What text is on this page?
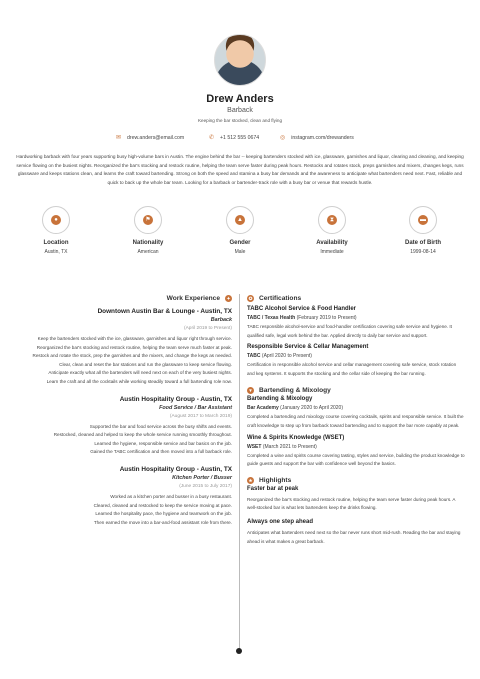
Drew Anders
Barback
Keeping the bar stocked, clean and flying
✉ drew.anders@email.com	✆ +1 512 555 0674	◎ instagram.com/drewanders
Hardworking barback with four years supporting busy high-volume bars in Austin. The engine behind the bar -- keeping bartenders stocked with ice, glassware, garnishes and liquor, clearing and cleaning, and keeping service flowing on the busiest nights. Reorganized the bar's stocking and restock routine, helping the team serve faster during peak hours. Restocks and rotates stock, preps garnishes and mixers, changes kegs, runs glassware and keeps stations clean, and learns the craft toward bartending. Strong on both the speed and stamina a busy bar demands and the awareness to anticipate what bartenders need next. Fast, reliable and quick to back up the whole bar team. Looking for a barback or bartender-track role with a busy bar or venue that rewards hustle.
●
Location
Austin, TX
⚑
Nationality
American
▲
Gender
Male
⧗
Availability
Immediate
▬
Date of Birth
1999-08-14
Work Experience	✦
Downtown Austin Bar & Lounge - Austin, TX
Barback
(April 2019 to Present)
Keep the bartenders stocked with the ice, glassware, garnishes and liquor right through service.
Reorganized the bar's stocking and restock routine, helping the team serve much faster at peak.
Restock and rotate the stock, prep the garnishes and the mixers, and change the kegs as needed.
Clear, clean and reset the bar stations and run the glassware to keep service flowing.
Anticipate exactly what all the bartenders will need next on each of the very busiest nights.
Learn the craft and all the cocktails while working steadily toward a full bartending role now.
Austin Hospitality Group - Austin, TX
Food Service / Bar Assistant
(August 2017 to March 2019)
Supported the bar and food service across the busy shifts and events.
Restocked, cleaned and helped to keep the whole service running smoothly throughout.
Learned the hygiene, responsible service and bar basics on the job.
Gained the TABC certification and then moved into a full barback role.
Austin Hospitality Group - Austin, TX
Kitchen Porter / Busser
(June 2015 to July 2017)
Worked as a kitchen porter and busser in a busy restaurant.
Cleared, cleaned and restocked to keep the service moving at pace.
Learned the hospitality pace, the hygiene and teamwork on the job.
Then earned the move into a bar-and-food assistant role from there.
✪ Certifications
TABC Alcohol Service & Food Handler
TABC / Texas Health (February 2019 to Present)
TABC responsible alcohol-service and food-handler certification covering safe service and hygiene. It qualified safe, legal work behind the bar. Applied directly to daily bar service and support.
Responsible Service & Cellar Management
TABC (April 2020 to Present)
Certification in responsible alcohol service and cellar management covering safe service, stock rotation and keg systems. It supports the stocking and the cellar side of keeping the bar running.
▼ Bartending & Mixology
Bartending & Mixology
Bar Academy (January 2020 to April 2020)
Completed a bartending and mixology course covering cocktails, spirits and responsible service. It built the craft knowledge to step up from barback toward bartending and to support the bar more capably at peak.
Wine & Spirits Knowledge (WSET)
WSET (March 2021 to Present)
Completed a wine and spirits course covering tasting, styles and service, building the product knowledge to guide guests and support the bar with confidence well beyond the basics.
★ Highlights
Faster bar at peak
Reorganized the bar's stocking and restock routine, helping the team serve faster during peak hours. A well-stocked bar is what lets bartenders keep the drinks flowing.
Always one step ahead
Anticipates what bartenders need next so the bar never runs short mid-rush. Reading the bar and staying ahead is what makes a great barback.
